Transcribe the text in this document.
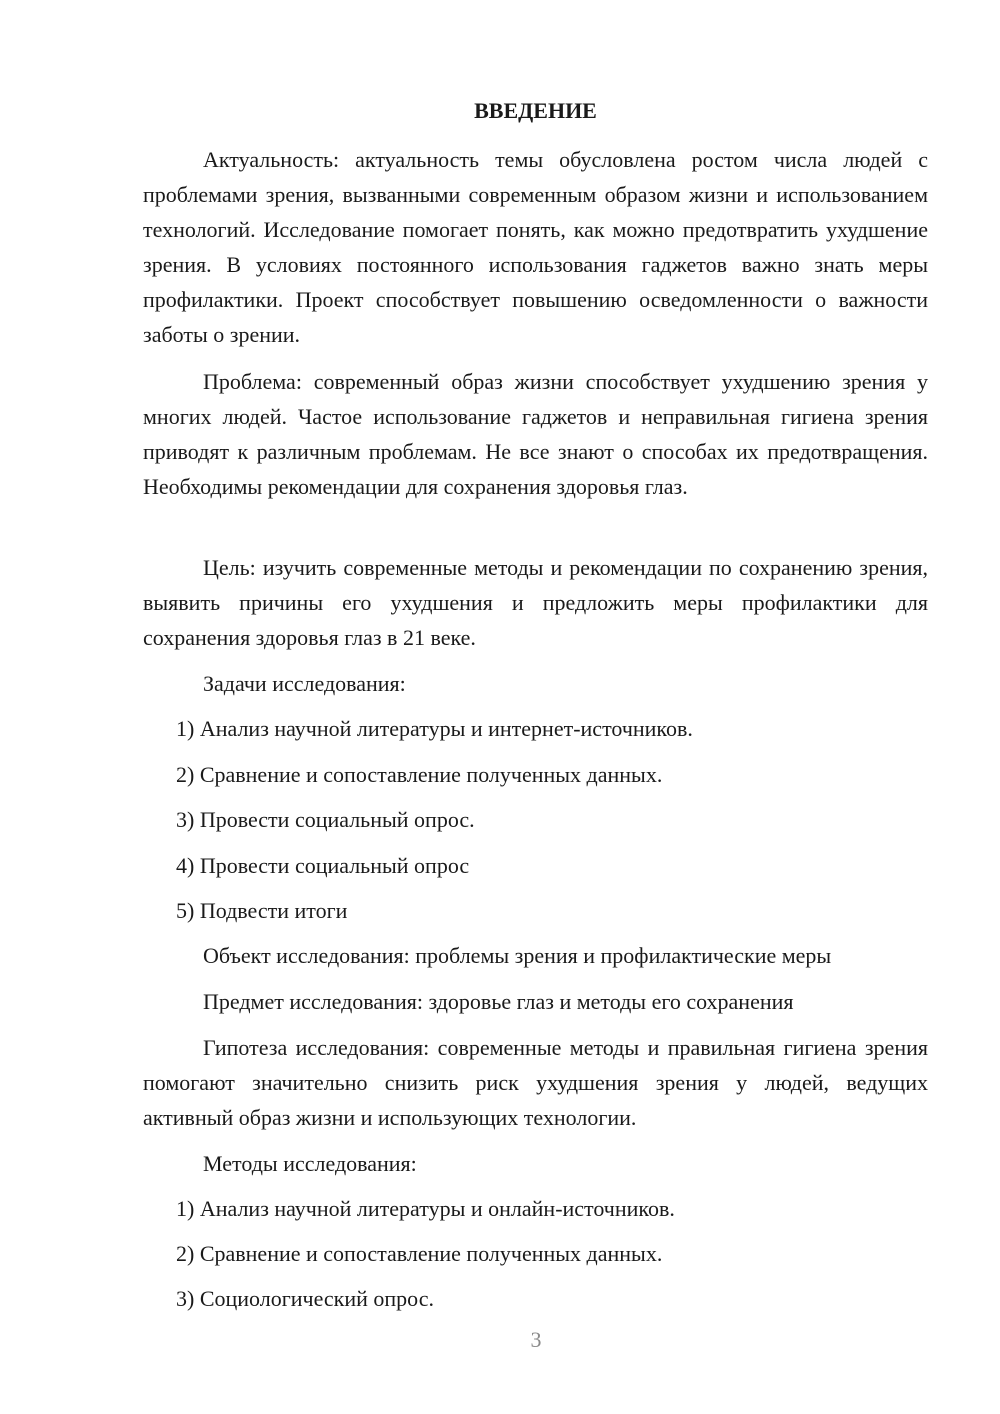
ВВЕДЕНИЕ

Актуальность: актуальность темы обусловлена ростом числа людей с проблемами зрения, вызванными современным образом жизни и использованием технологий. Исследование помогает понять, как можно предотвратить ухудшение зрения. В условиях постоянного использования гаджетов важно знать меры профилактики. Проект способствует повышению осведомленности о важности заботы о зрении.

Проблема: современный образ жизни способствует ухудшению зрения у многих людей. Частое использование гаджетов и неправильная гигиена зрения приводят к различным проблемам. Не все знают о способах их предотвращения. Необходимы рекомендации для сохранения здоровья глаз.

Цель: изучить современные методы и рекомендации по сохранению зрения, выявить причины его ухудшения и предложить меры профилактики для сохранения здоровья глаз в 21 веке.

Задачи исследования:

1) Анализ научной литературы и интернет-источников.

2) Сравнение и сопоставление полученных данных.

3) Провести социальный опрос.

4) Провести социальный опрос

5) Подвести итоги

Объект исследования: проблемы зрения и профилактические меры

Предмет исследования: здоровье глаз и методы его сохранения

Гипотеза исследования: современные методы и правильная гигиена зрения помогают значительно снизить риск ухудшения зрения у людей, ведущих активный образ жизни и использующих технологии.

Методы исследования:

1) Анализ научной литературы и онлайн-источников.

2) Сравнение и сопоставление полученных данных.

3) Социологический опрос.

3
